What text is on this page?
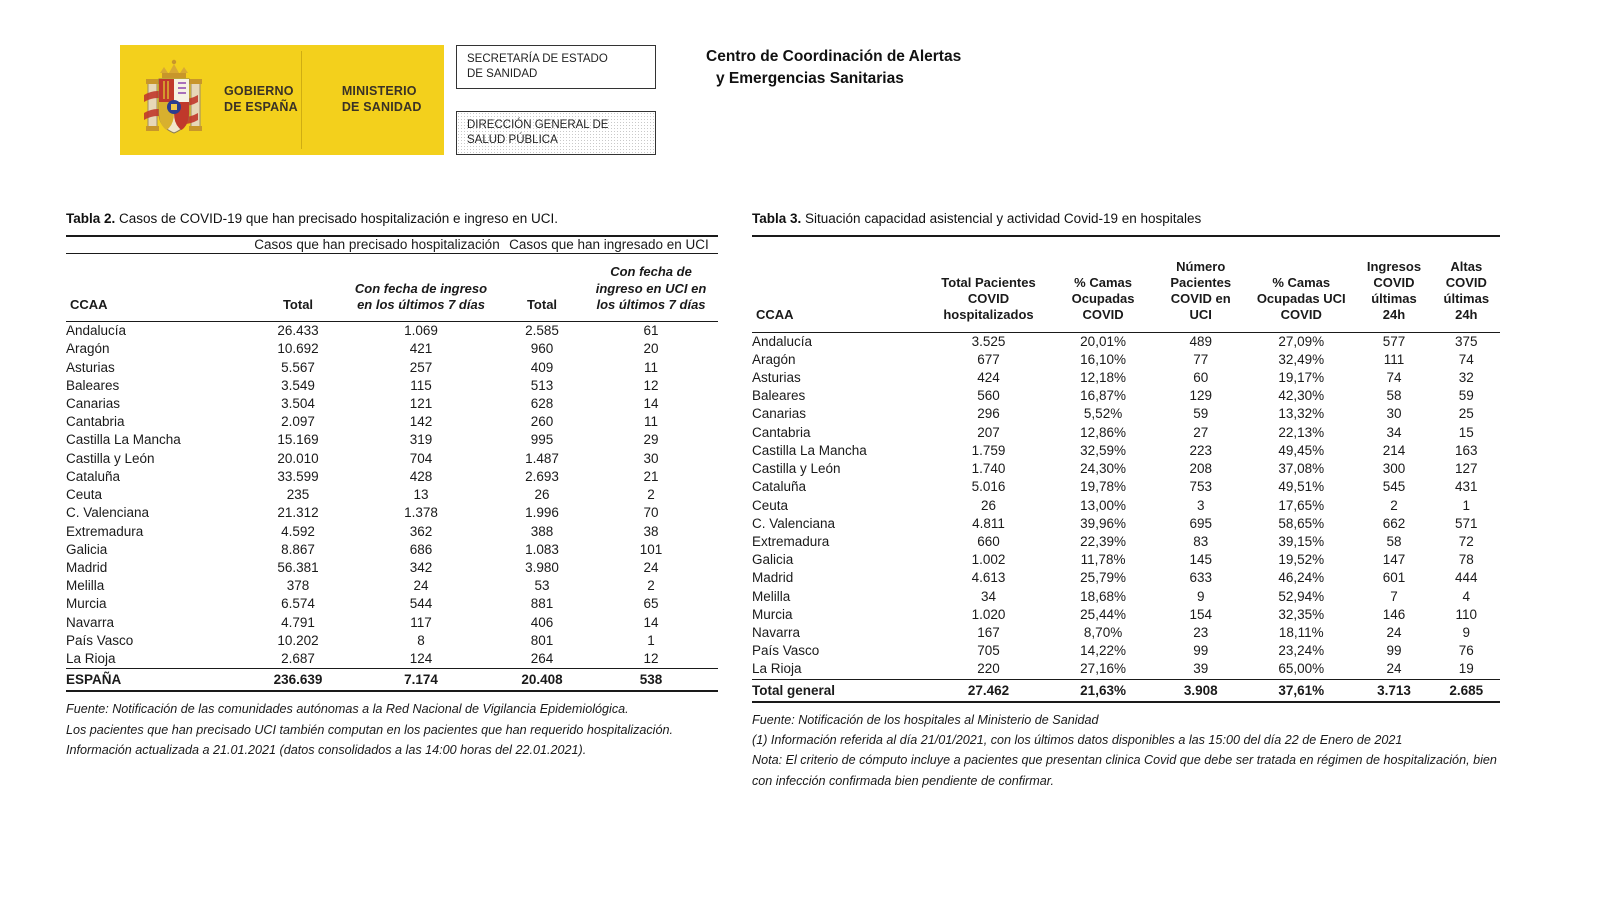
GOBIERNO
DE ESPAÑA
MINISTERIO
DE SANIDAD
SECRETARÍA DE ESTADO
DE SANIDAD
DIRECCIÓN GENERAL DE
SALUD PÚBLICA
Centro de Coordinación de Alertas
y Emergencias Sanitarias
Tabla 2. Casos de COVID-19 que han precisado hospitalización e ingreso en UCI.
	Casos que han precisado hospitalización		Casos que han ingresado en UCI	
CCAA	Total	Con fecha de ingreso en los últimos 7 días	Total	Con fecha de ingreso en UCI en los últimos 7 días
Andalucía	26.433	1.069	2.585	61
Aragón	10.692	421	960	20
Asturias	5.567	257	409	11
Baleares	3.549	115	513	12
Canarias	3.504	121	628	14
Cantabria	2.097	142	260	11
Castilla La Mancha	15.169	319	995	29
Castilla y León	20.010	704	1.487	30
Cataluña	33.599	428	2.693	21
Ceuta	235	13	26	2
C. Valenciana	21.312	1.378	1.996	70
Extremadura	4.592	362	388	38
Galicia	8.867	686	1.083	101
Madrid	56.381	342	3.980	24
Melilla	378	24	53	2
Murcia	6.574	544	881	65
Navarra	4.791	117	406	14
País Vasco	10.202	8	801	1
La Rioja	2.687	124	264	12
ESPAÑA	236.639	7.174	20.408	538
Fuente: Notificación de las comunidades autónomas a la Red Nacional de Vigilancia Epidemiológica.
Los pacientes que han precisado UCI también computan en los pacientes que han requerido hospitalización.
Información actualizada a 21.01.2021 (datos consolidados a las 14:00 horas del 22.01.2021).
Tabla 3. Situación capacidad asistencial y actividad Covid-19 en hospitales
CCAA	Total Pacientes COVID hospitalizados	% Camas Ocupadas COVID	Número Pacientes COVID en UCI	% Camas Ocupadas UCI COVID	Ingresos COVID últimas 24h	Altas COVID últimas 24h
Andalucía	3.525	20,01%	489	27,09%	577	375
Aragón	677	16,10%	77	32,49%	111	74
Asturias	424	12,18%	60	19,17%	74	32
Baleares	560	16,87%	129	42,30%	58	59
Canarias	296	5,52%	59	13,32%	30	25
Cantabria	207	12,86%	27	22,13%	34	15
Castilla La Mancha	1.759	32,59%	223	49,45%	214	163
Castilla y León	1.740	24,30%	208	37,08%	300	127
Cataluña	5.016	19,78%	753	49,51%	545	431
Ceuta	26	13,00%	3	17,65%	2	1
C. Valenciana	4.811	39,96%	695	58,65%	662	571
Extremadura	660	22,39%	83	39,15%	58	72
Galicia	1.002	11,78%	145	19,52%	147	78
Madrid	4.613	25,79%	633	46,24%	601	444
Melilla	34	18,68%	9	52,94%	7	4
Murcia	1.020	25,44%	154	32,35%	146	110
Navarra	167	8,70%	23	18,11%	24	9
País Vasco	705	14,22%	99	23,24%	99	76
La Rioja	220	27,16%	39	65,00%	24	19
Total general	27.462	21,63%	3.908	37,61%	3.713	2.685
Fuente: Notificación de los hospitales al Ministerio de Sanidad
(1) Información referida al día 21/01/2021, con los últimos datos disponibles a las 15:00 del día 22 de Enero de 2021
Nota: El criterio de cómputo incluye a pacientes que presentan clinica Covid que debe ser tratada en régimen de hospitalización, bien con infección confirmada bien pendiente de confirmar.
